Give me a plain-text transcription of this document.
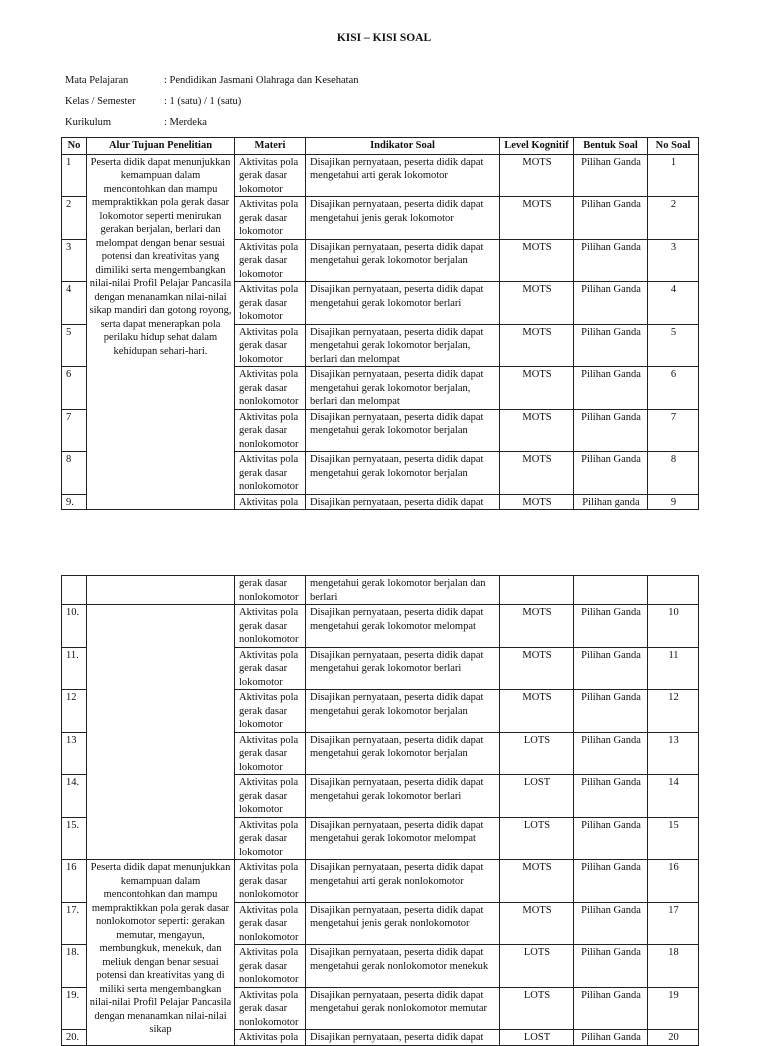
KISI – KISI SOAL
Mata Pelajaran	: Pendidikan Jasmani Olahraga dan Kesehatan
Kelas / Semester	: 1 (satu) / 1 (satu)
Kurikulum	: Merdeka
No	Alur Tujuan Penelitian	Materi	Indikator Soal	Level Kognitif	Bentuk Soal	No Soal
1	Peserta didik dapat menunjukkan kemampuan dalam mencontohkan dan mampu mempraktikkan pola gerak dasar lokomotor seperti menirukan gerakan berjalan, berlari dan melompat dengan benar sesuai potensi dan kreativitas yang dimiliki serta mengembangkan nilai-nilai Profil Pelajar Pancasila dengan menanamkan nilai-nilai sikap mandiri dan gotong royong, serta dapat menerapkan pola perilaku hidup sehat dalam kehidupan sehari-hari.	Aktivitas pola gerak dasar lokomotor	Disajikan pernyataan, peserta didik dapat mengetahui arti gerak lokomotor	MOTS	Pilihan Ganda	1
2		Aktivitas pola gerak dasar lokomotor	Disajikan pernyataan, peserta didik dapat mengetahui jenis gerak lokomotor	MOTS	Pilihan Ganda	2
3		Aktivitas pola gerak dasar lokomotor	Disajikan pernyataan, peserta didik dapat mengetahui gerak lokomotor berjalan	MOTS	Pilihan Ganda	3
4		Aktivitas pola gerak dasar lokomotor	Disajikan pernyataan, peserta didik dapat mengetahui gerak lokomotor berlari	MOTS	Pilihan Ganda	4
5		Aktivitas pola gerak dasar lokomotor	Disajikan pernyataan, peserta didik dapat mengetahui gerak lokomotor berjalan, berlari dan melompat	MOTS	Pilihan Ganda	5
6		Aktivitas pola gerak dasar nonlokomotor	Disajikan pernyataan, peserta didik dapat mengetahui gerak lokomotor berjalan, berlari dan melompat	MOTS	Pilihan Ganda	6
7		Aktivitas pola gerak dasar nonlokomotor	Disajikan pernyataan, peserta didik dapat mengetahui gerak lokomotor berjalan	MOTS	Pilihan Ganda	7
8		Aktivitas pola gerak dasar nonlokomotor	Disajikan pernyataan, peserta didik dapat mengetahui gerak lokomotor berjalan	MOTS	Pilihan Ganda	8
9.		Aktivitas pola	Disajikan pernyataan, peserta didik dapat	MOTS	Pilihan ganda	9
		gerak dasar nonlokomotor	mengetahui gerak lokomotor berjalan dan berlari			
10.		Aktivitas pola gerak dasar nonlokomotor	Disajikan pernyataan, peserta didik dapat mengetahui gerak lokomotor melompat	MOTS	Pilihan Ganda	10
11.		Aktivitas pola gerak dasar lokomotor	Disajikan pernyataan, peserta didik dapat mengetahui gerak lokomotor berlari	MOTS	Pilihan Ganda	11
12		Aktivitas pola gerak dasar lokomotor	Disajikan pernyataan, peserta didik dapat mengetahui gerak lokomotor berjalan	MOTS	Pilihan Ganda	12
13		Aktivitas pola gerak dasar lokomotor	Disajikan pernyataan, peserta didik dapat mengetahui gerak lokomotor berjalan	LOTS	Pilihan Ganda	13
14.		Aktivitas pola gerak dasar lokomotor	Disajikan pernyataan, peserta didik dapat mengetahui gerak lokomotor berlari	LOST	Pilihan Ganda	14
15.		Aktivitas pola gerak dasar lokomotor	Disajikan pernyataan, peserta didik dapat mengetahui gerak lokomotor melompat	LOTS	Pilihan Ganda	15
16	Peserta didik dapat menunjukkan kemampuan dalam mencontohkan dan mampu mempraktikkan pola gerak dasar nonlokomotor seperti: gerakan memutar, mengayun, membungkuk, menekuk, dan meliuk dengan benar sesuai potensi dan kreativitas yang di miliki serta mengembangkan nilai-nilai Profil Pelajar Pancasila dengan menanamkan nilai-nilai sikap	Aktivitas pola gerak dasar nonlokomotor	Disajikan pernyataan, peserta didik dapat mengetahui arti gerak nonlokomotor	MOTS	Pilihan Ganda	16
17.		Aktivitas pola gerak dasar nonlokomotor	Disajikan pernyataan, peserta didik dapat mengetahui jenis gerak nonlokomotor	MOTS	Pilihan Ganda	17
18.		Aktivitas pola gerak dasar nonlokomotor	Disajikan pernyataan, peserta didik dapat mengetahui gerak nonlokomotor menekuk	LOTS	Pilihan Ganda	18
19.		Aktivitas pola gerak dasar nonlokomotor	Disajikan pernyataan, peserta didik dapat mengetahui gerak nonlokomotor memutar	LOTS	Pilihan Ganda	19
20.		Aktivitas pola	Disajikan pernyataan, peserta didik dapat	LOST	Pilihan Ganda	20
